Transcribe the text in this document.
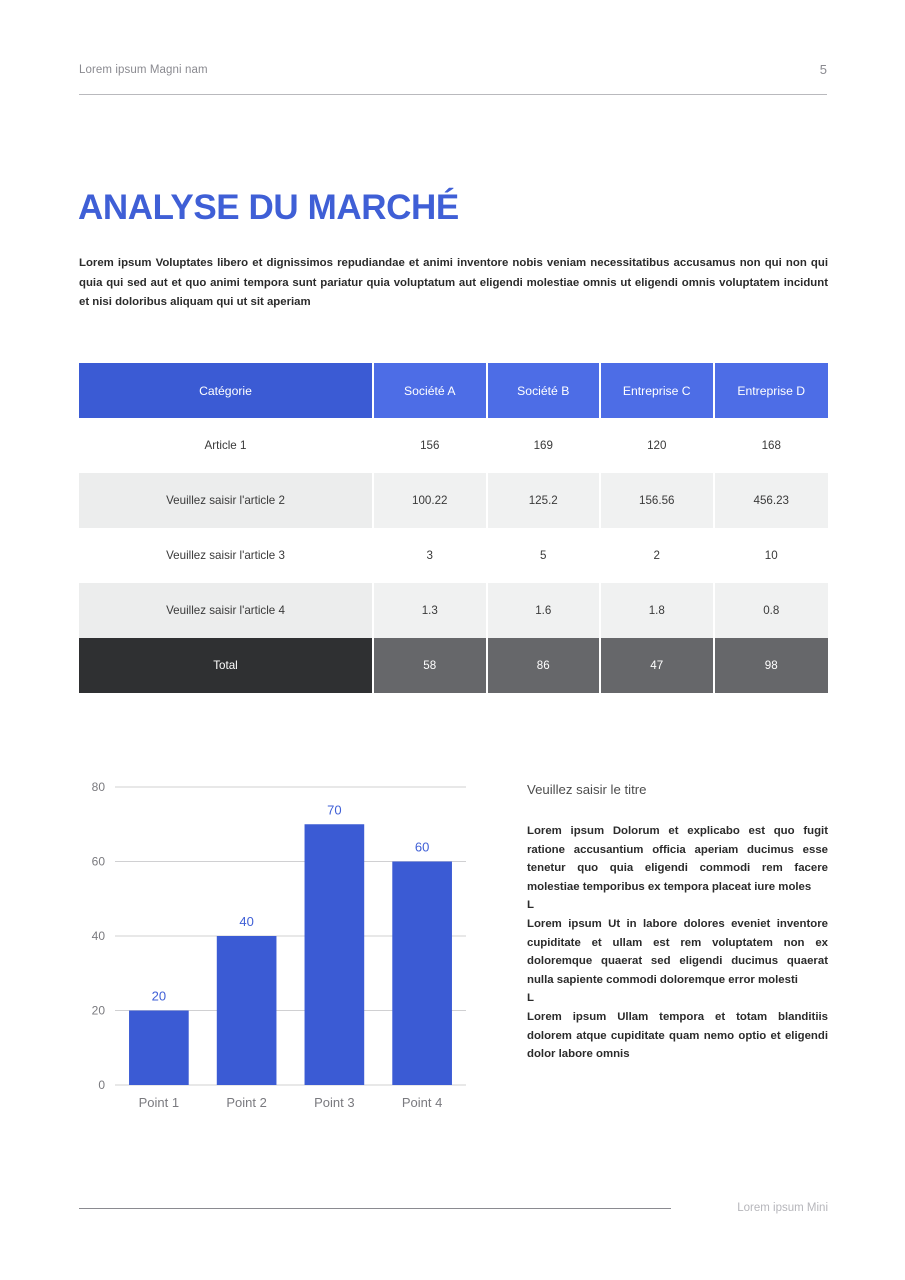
Lorem ipsum Magni nam	5
ANALYSE DU MARCHÉ

Lorem ipsum Voluptates libero et dignissimos repudiandae et animi inventore nobis veniam necessitatibus accusamus non qui non qui quia qui sed aut et quo animi tempora sunt pariatur quia voluptatum aut eligendi molestiae omnis ut eligendi omnis voluptatem incidunt et nisi doloribus aliquam qui ut sit aperiam

Catégorie	Société A	Société B	Entreprise C	Entreprise D
Article 1	156	169	120	168
Veuillez saisir l'article 2	100.22	125.2	156.56	456.23
Veuillez saisir l'article 3	3	5	2	10
Veuillez saisir l'article 4	1.3	1.6	1.8	0.8
Total	58	86	47	98
0
20
40
60
80
20
40
70
60
Point 1	Point 2	Point 3	Point 4
Veuillez saisir le titre

Lorem ipsum Dolorum et explicabo est quo fugit ratione accusantium officia aperiam ducimus esse tenetur quo quia eligendi commodi rem facere molestiae temporibus ex tempora placeat iure moles

L

Lorem ipsum Ut in labore dolores eveniet inventore cupiditate et ullam est rem voluptatem non ex doloremque quaerat sed eligendi ducimus quaerat nulla sapiente commodi doloremque error molesti

L

Lorem ipsum Ullam tempora et totam blanditiis dolorem atque cupiditate quam nemo optio et eligendi dolor labore omnis

Lorem ipsum Mini
